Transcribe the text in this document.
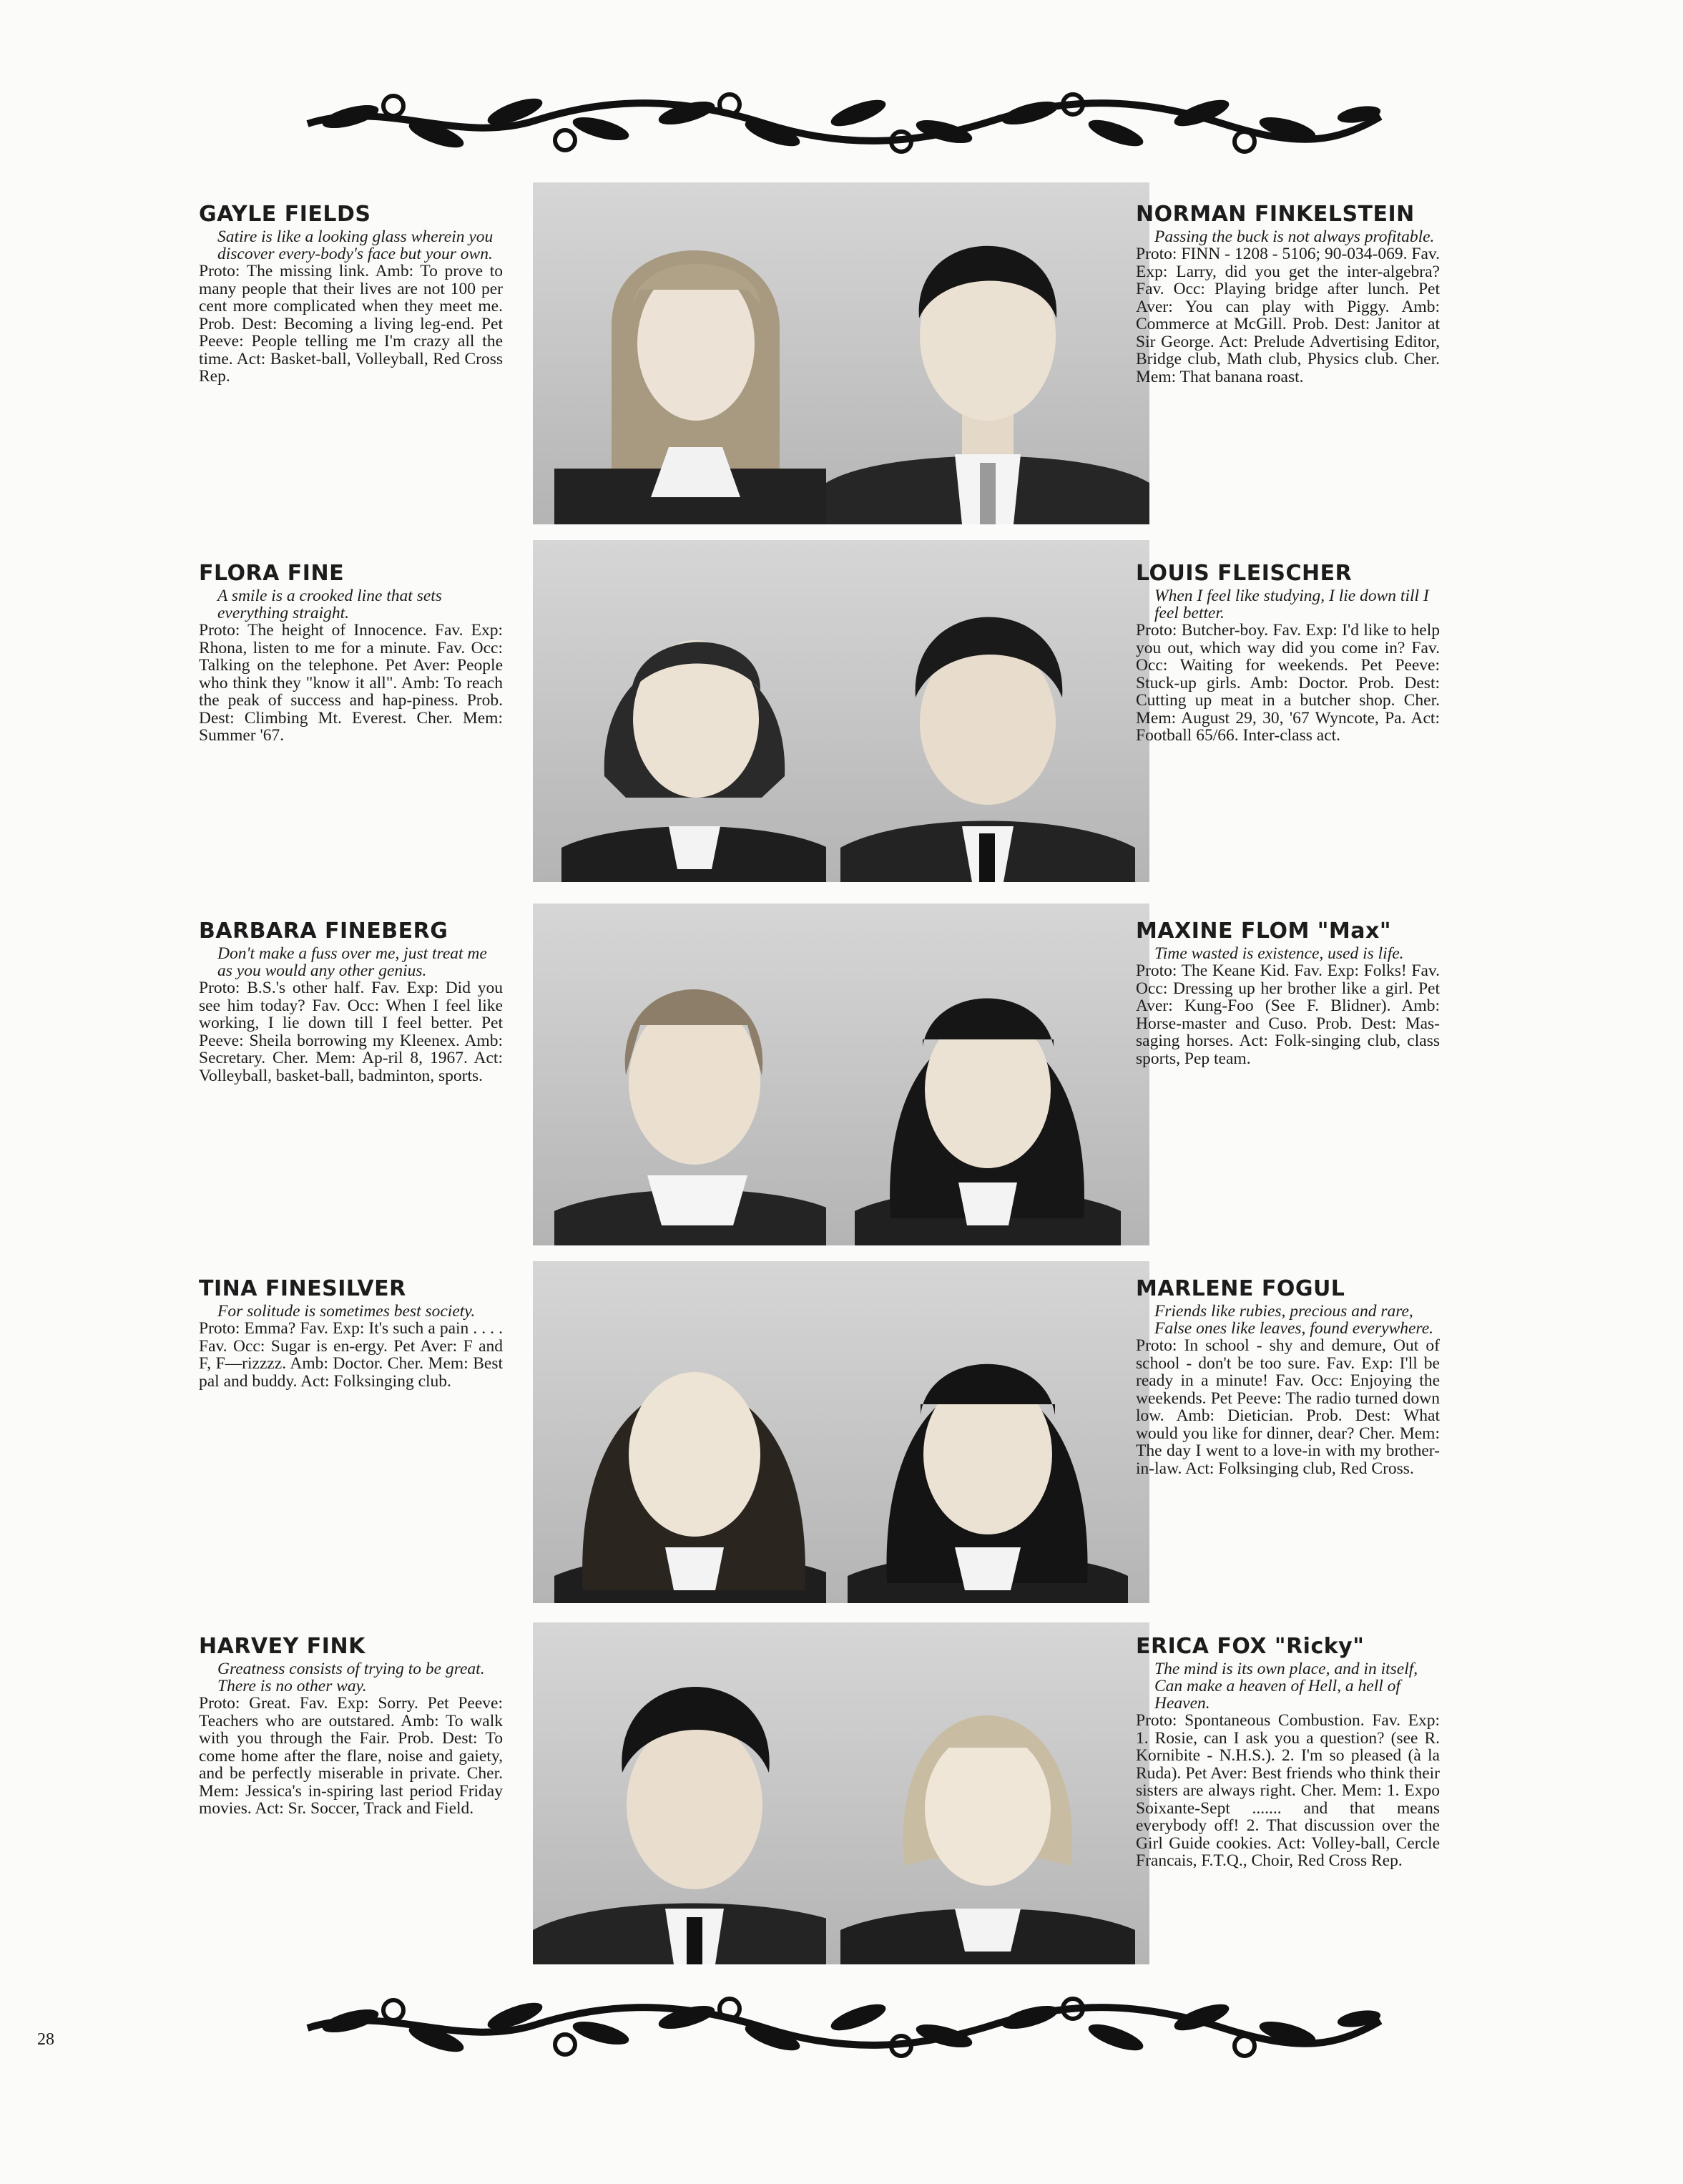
GAYLE FIELDS

Satire is like a looking glass wherein you discover every-body's face but your own.

Proto: The missing link. Amb: To prove to many people that their lives are not 100 per cent more complicated when they meet me. Prob. Dest: Becoming a living leg-end. Pet Peeve: People telling me I'm crazy all the time. Act: Basket-ball, Volleyball, Red Cross Rep.

NORMAN FINKELSTEIN

Passing the buck is not always profitable.

Proto: FINN - 1208 - 5106; 90-034-069. Fav. Exp: Larry, did you get the inter-algebra? Fav. Occ: Playing bridge after lunch. Pet Aver: You can play with Piggy. Amb: Commerce at McGill. Prob. Dest: Janitor at Sir George. Act: Prelude Advertising Editor, Bridge club, Math club, Physics club. Cher. Mem: That banana roast.

FLORA FINE

A smile is a crooked line that sets everything straight.

Proto: The height of Innocence. Fav. Exp: Rhona, listen to me for a minute. Fav. Occ: Talking on the telephone. Pet Aver: People who think they "know it all". Amb: To reach the peak of success and hap-piness. Prob. Dest: Climbing Mt. Everest. Cher. Mem: Summer '67.

LOUIS FLEISCHER

When I feel like studying, I lie down till I feel better.

Proto: Butcher-boy. Fav. Exp: I'd like to help you out, which way did you come in? Fav. Occ: Waiting for weekends. Pet Peeve: Stuck-up girls. Amb: Doctor. Prob. Dest: Cutting up meat in a butcher shop. Cher. Mem: August 29, 30, '67 Wyncote, Pa. Act: Football 65/66. Inter-class act.

BARBARA FINEBERG

Don't make a fuss over me, just treat me as you would any other genius.

Proto: B.S.'s other half. Fav. Exp: Did you see him today? Fav. Occ: When I feel like working, I lie down till I feel better. Pet Peeve: Sheila borrowing my Kleenex. Amb: Secretary. Cher. Mem: Ap-ril 8, 1967. Act: Volleyball, basket-ball, badminton, sports.

MAXINE FLOM "Max"

Time wasted is existence, used is life.

Proto: The Keane Kid. Fav. Exp: Folks! Fav. Occ: Dressing up her brother like a girl. Pet Aver: Kung-Foo (See F. Blidner). Amb: Horse-master and Cuso. Prob. Dest: Mas-saging horses. Act: Folk-singing club, class sports, Pep team.

TINA FINESILVER

For solitude is sometimes best society.

Proto: Emma? Fav. Exp: It's such a pain . . . . Fav. Occ: Sugar is en-ergy. Pet Aver: F and F, F—rizzzz. Amb: Doctor. Cher. Mem: Best pal and buddy. Act: Folksinging club.

MARLENE FOGUL

Friends like rubies, precious and rare, False ones like leaves, found everywhere.

Proto: In school - shy and demure, Out of school - don't be too sure. Fav. Exp: I'll be ready in a minute! Fav. Occ: Enjoying the weekends. Pet Peeve: The radio turned down low. Amb: Dietician. Prob. Dest: What would you like for dinner, dear? Cher. Mem: The day I went to a love-in with my brother-in-law. Act: Folksinging club, Red Cross.

HARVEY FINK

Greatness consists of trying to be great. There is no other way.

Proto: Great. Fav. Exp: Sorry. Pet Peeve: Teachers who are outstared. Amb: To walk with you through the Fair. Prob. Dest: To come home after the flare, noise and gaiety, and be perfectly miserable in private. Cher. Mem: Jessica's in-spiring last period Friday movies. Act: Sr. Soccer, Track and Field.

ERICA FOX "Ricky"

The mind is its own place, and in itself, Can make a heaven of Hell, a hell of Heaven.

Proto: Spontaneous Combustion. Fav. Exp: 1. Rosie, can I ask you a question? (see R. Kornibite - N.H.S.). 2. I'm so pleased (à la Ruda). Pet Aver: Best friends who think their sisters are always right. Cher. Mem: 1. Expo Soixante-Sept ....... and that means everybody off! 2. That discussion over the Girl Guide cookies. Act: Volley-ball, Cercle Francais, F.T.Q., Choir, Red Cross Rep.

28
